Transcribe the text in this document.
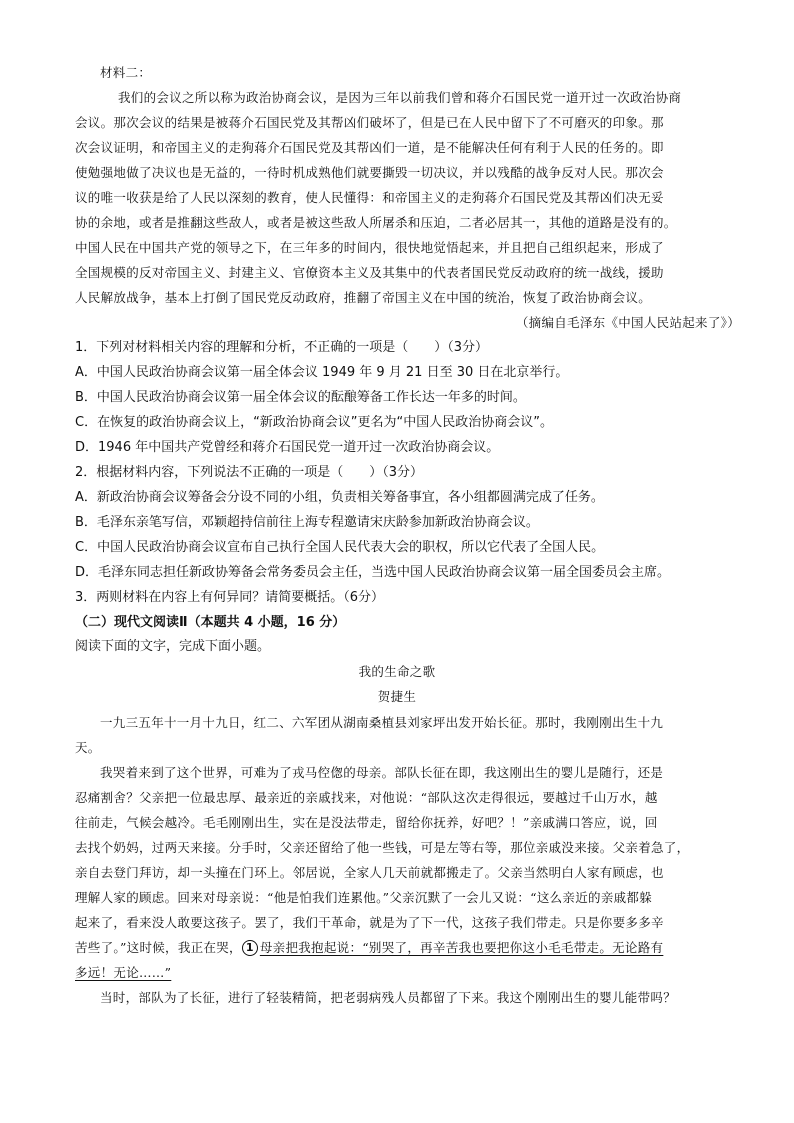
材料二：
我们的会议之所以称为政治协商会议，是因为三年以前我们曾和蒋介石国民党一道开过一次政治协商
会议。那次会议的结果是被蒋介石国民党及其帮凶们破坏了，但是已在人民中留下了不可磨灭的印象。那
次会议证明，和帝国主义的走狗蒋介石国民党及其帮凶们一道，是不能解决任何有利于人民的任务的。即
使勉强地做了决议也是无益的，一待时机成熟他们就要撕毁一切决议，并以残酷的战争反对人民。那次会
议的唯一收获是给了人民以深刻的教育，使人民懂得：和帝国主义的走狗蒋介石国民党及其帮凶们决无妥
协的余地，或者是推翻这些敌人，或者是被这些敌人所屠杀和压迫，二者必居其一，其他的道路是没有的。
中国人民在中国共产党的领导之下，在三年多的时间内，很快地觉悟起来，并且把自己组织起来，形成了
全国规模的反对帝国主义、封建主义、官僚资本主义及其集中的代表者国民党反动政府的统一战线，援助
人民解放战争，基本上打倒了国民党反动政府，推翻了帝国主义在中国的统治，恢复了政治协商会议。
（摘编自毛泽东《中国人民站起来了》）
1．下列对材料相关内容的理解和分析，不正确的一项是（　　）（3分）
A．中国人民政治协商会议第一届全体会议 1949 年 9 月 21 日至 30 日在北京举行。
B．中国人民政治协商会议第一届全体会议的酝酿筹备工作长达一年多的时间。
C．在恢复的政治协商会议上，“新政治协商会议”更名为“中国人民政治协商会议”。
D．1946 年中国共产党曾经和蒋介石国民党一道开过一次政治协商会议。
2．根据材料内容，下列说法不正确的一项是（　　）（3分）
A．新政治协商会议筹备会分设不同的小组，负责相关筹备事宜，各小组都圆满完成了任务。
B．毛泽东亲笔写信，邓颖超持信前往上海专程邀请宋庆龄参加新政治协商会议。
C．中国人民政治协商会议宣布自己执行全国人民代表大会的职权，所以它代表了全国人民。
D．毛泽东同志担任新政协筹备会常务委员会主任，当选中国人民政治协商会议第一届全国委员会主席。
3．两则材料在内容上有何异同？请简要概括。（6分）
（二）现代文阅读Ⅱ（本题共 4 小题，16 分）
阅读下面的文字，完成下面小题。
我的生命之歌
贺捷生
一九三五年十一月十九日，红二、六军团从湖南桑植县刘家坪出发开始长征。那时，我刚刚出生十九
天。
我哭着来到了这个世界，可难为了戎马倥偬的母亲。部队长征在即，我这刚出生的婴儿是随行，还是
忍痛割舍？父亲把一位最忠厚、最亲近的亲戚找来，对他说：“部队这次走得很远，要越过千山万水，越
往前走，气候会越冷。毛毛刚刚出生，实在是没法带走，留给你抚养，好吧？！”亲戚满口答应，说，回
去找个奶妈，过两天来接。分手时，父亲还留给了他一些钱，可是左等右等，那位亲戚没来接。父亲着急了，
亲自去登门拜访，却一头撞在门环上。邻居说，全家人几天前就都搬走了。父亲当然明白人家有顾虑，也
理解人家的顾虑。回来对母亲说：“他是怕我们连累他。”父亲沉默了一会儿又说：“这么亲近的亲戚都躲
起来了，看来没人敢要这孩子。罢了，我们干革命，就是为了下一代，这孩子我们带走。只是你要多多辛
苦些了。”这时候，我正在哭， 1 母亲把我抱起说：“别哭了，再辛苦我也要把你这小毛毛带走。无论路有
多远！无论……”
当时，部队为了长征，进行了轻装精简，把老弱病残人员都留了下来。我这个刚刚出生的婴儿能带吗？
